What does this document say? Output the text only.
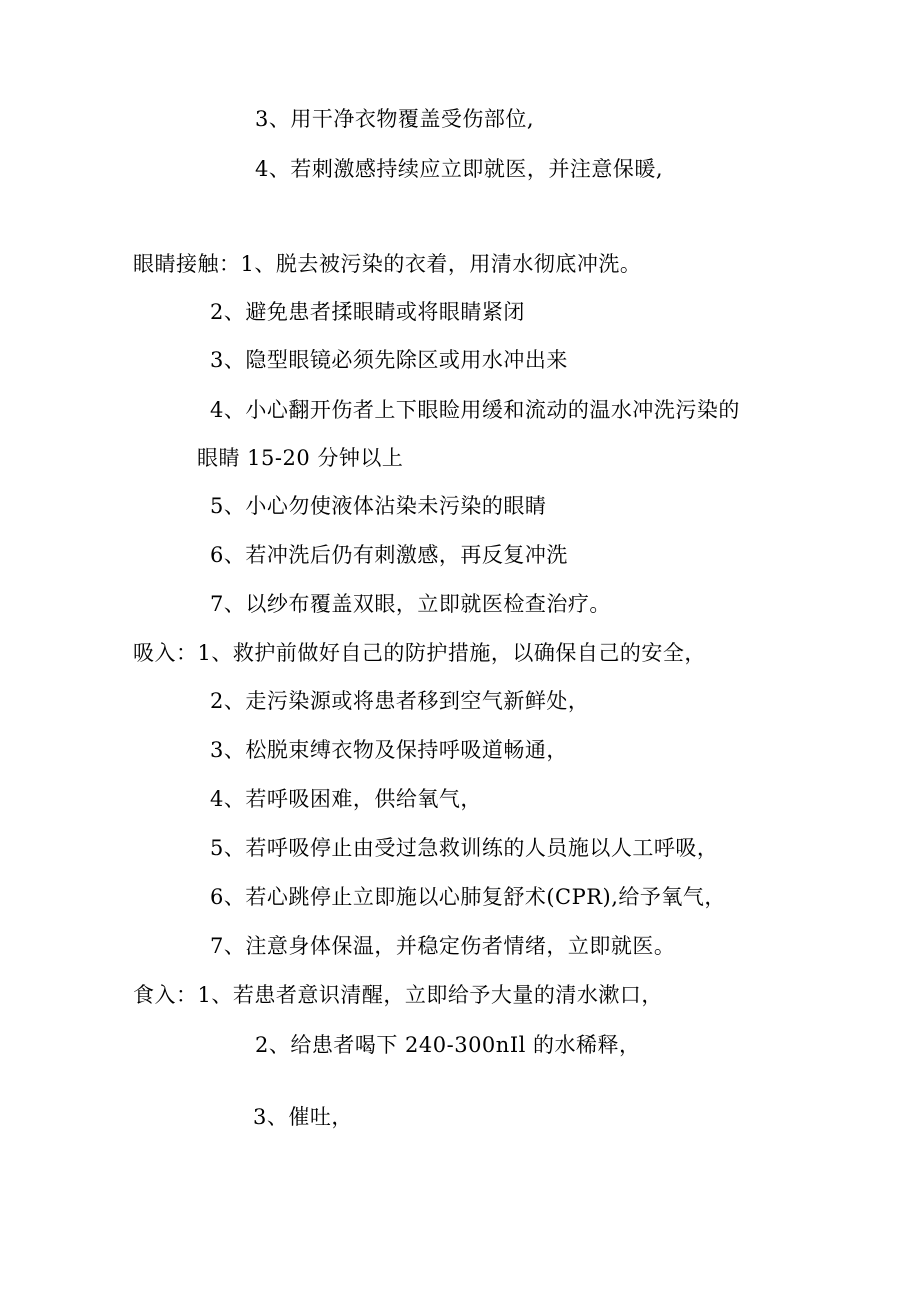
3、用干净衣物覆盖受伤部位,
4、若刺激感持续应立即就医，并注意保暖,
眼睛接触：1、脱去被污染的衣着，用清水彻底冲洗。
2、避免患者揉眼睛或将眼睛紧闭
3、隐型眼镜必须先除区或用水冲出来
4、小心翻开伤者上下眼睑用缓和流动的温水冲洗污染的
眼睛 15-20 分钟以上
5、小心勿使液体沾染未污染的眼睛
6、若冲洗后仍有刺激感，再反复冲洗
7、以纱布覆盖双眼，立即就医检查治疗。
吸入：1、救护前做好自己的防护措施，以确保自己的安全，
2、走污染源或将患者移到空气新鲜处，
3、松脱束缚衣物及保持呼吸道畅通，
4、若呼吸困难，供给氧气，
5、若呼吸停止由受过急救训练的人员施以人工呼吸，
6、若心跳停止立即施以心肺复舒术(CPR),给予氧气，
7、注意身体保温，并稳定伤者情绪，立即就医。
食入：1、若患者意识清醒，立即给予大量的清水漱口，
2、给患者喝下 240-300nIl 的水稀释，
3、催吐，
